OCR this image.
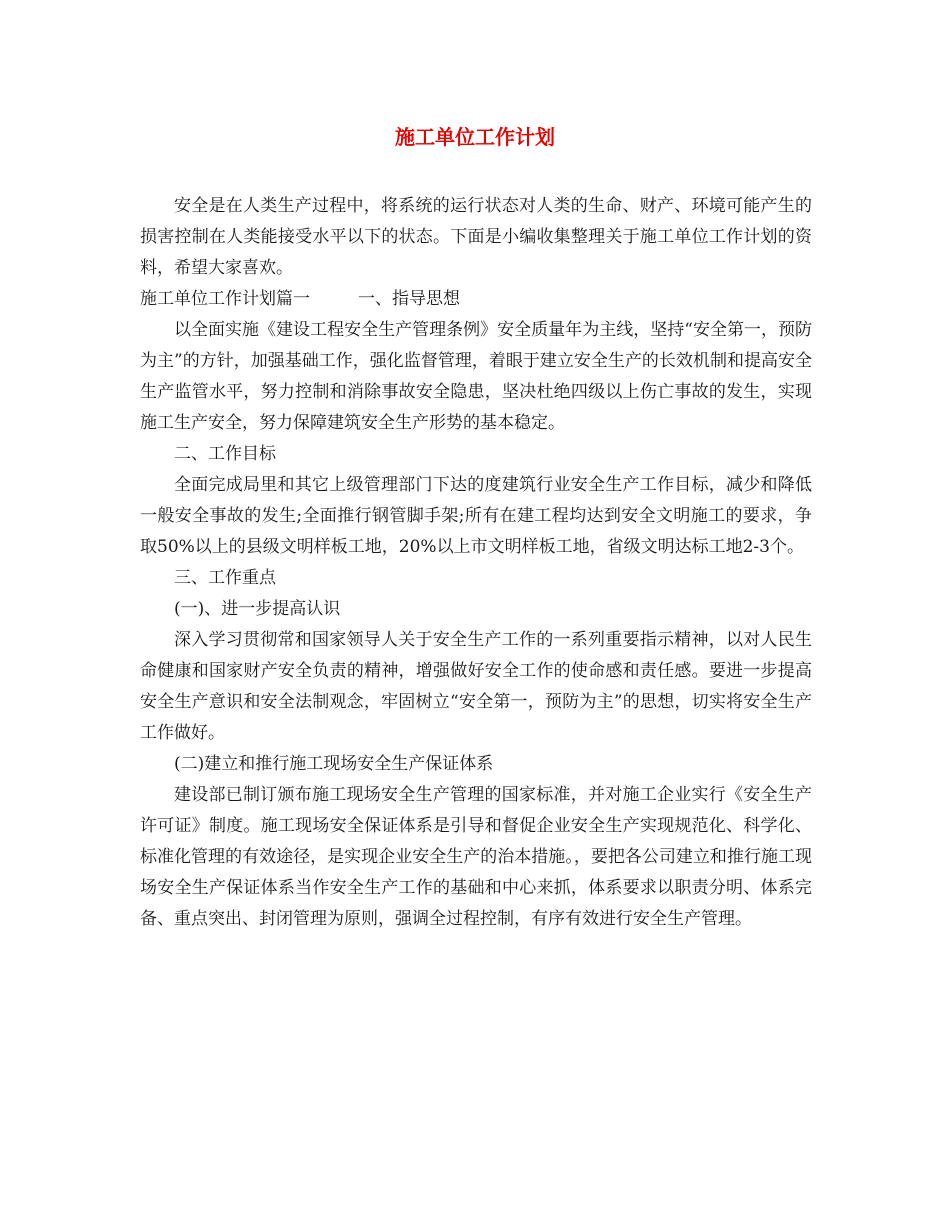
施工单位工作计划

安全是在人类生产过程中，将系统的运行状态对人类的生命、财产、环境可能产生的损害控制在人类能接受水平以下的状态。下面是小编收集整理关于施工单位工作计划的资料，希望大家喜欢。

施工单位工作计划篇一	一、指导思想

以全面实施《建设工程安全生产管理条例》安全质量年为主线，坚持“安全第一，预防为主”的方针，加强基础工作，强化监督管理，着眼于建立安全生产的长效机制和提高安全生产监管水平，努力控制和消除事故安全隐患，坚决杜绝四级以上伤亡事故的发生，实现施工生产安全，努力保障建筑安全生产形势的基本稳定。

二、工作目标

全面完成局里和其它上级管理部门下达的度建筑行业安全生产工作目标，减少和降低一般安全事故的发生;全面推行钢管脚手架;所有在建工程均达到安全文明施工的要求，争取50%以上的县级文明样板工地，20%以上市文明样板工地，省级文明达标工地2-3个。

三、工作重点

(一)、进一步提高认识

深入学习贯彻常和国家领导人关于安全生产工作的一系列重要指示精神，以对人民生命健康和国家财产安全负责的精神，增强做好安全工作的使命感和责任感。要进一步提高安全生产意识和安全法制观念，牢固树立“安全第一，预防为主”的思想，切实将安全生产工作做好。

(二)建立和推行施工现场安全生产保证体系

建设部已制订颁布施工现场安全生产管理的国家标准，并对施工企业实行《安全生产许可证》制度。施工现场安全保证体系是引导和督促企业安全生产实现规范化、科学化、标准化管理的有效途径，是实现企业安全生产的治本措施。，要把各公司建立和推行施工现场安全生产保证体系当作安全生产工作的基础和中心来抓，体系要求以职责分明、体系完备、重点突出、封闭管理为原则，强调全过程控制，有序有效进行安全生产管理。
